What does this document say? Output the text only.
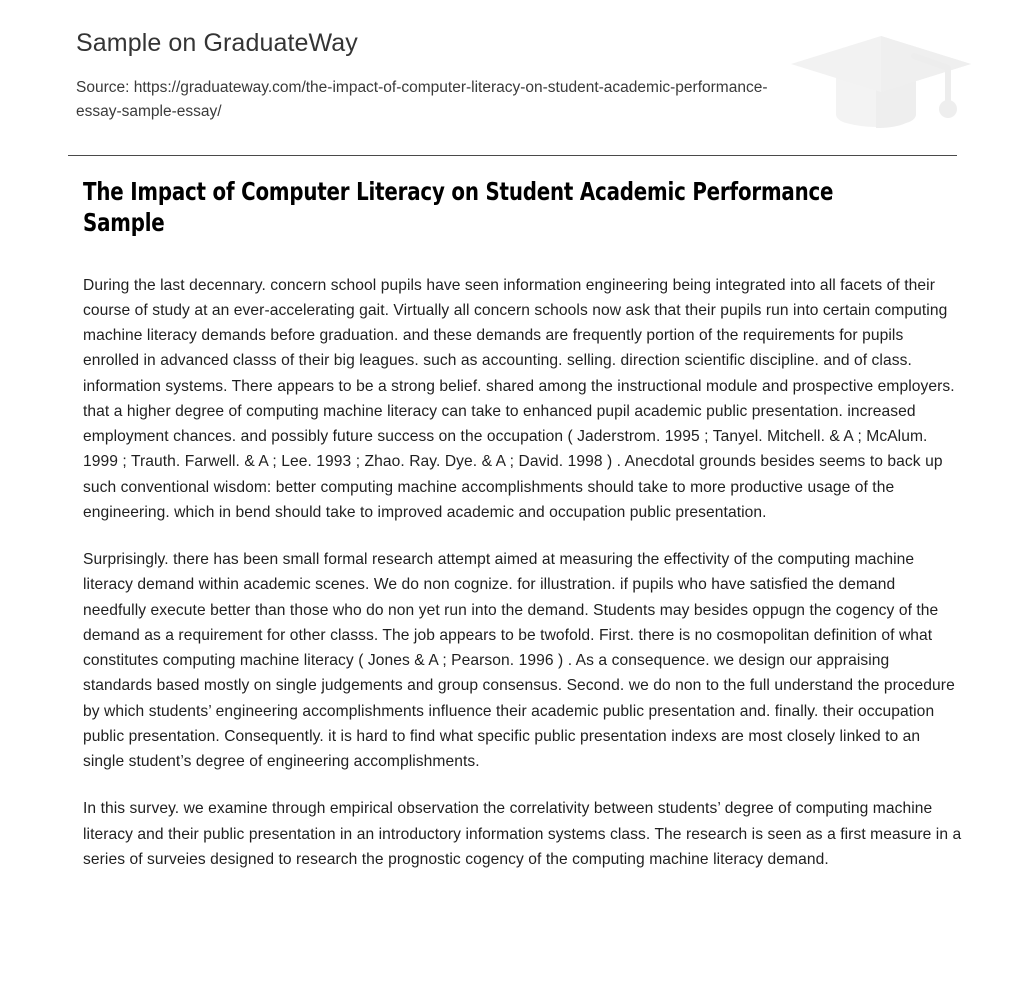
Sample on GraduateWay
Source: https://graduateway.com/the-impact-of-computer-literacy-on-student-academic-performance-essay-sample-essay/
The Impact of Computer Literacy on Student Academic Performance Sample

During the last decennary. concern school pupils have seen information engineering being integrated into all facets of their course of study at an ever-accelerating gait. Virtually all concern schools now ask that their pupils run into certain computing machine literacy demands before graduation. and these demands are frequently portion of the requirements for pupils enrolled in advanced classs of their big leagues. such as accounting. selling. direction scientific discipline. and of class. information systems. There appears to be a strong belief. shared among the instructional module and prospective employers. that a higher degree of computing machine literacy can take to enhanced pupil academic public presentation. increased employment chances. and possibly future success on the occupation ( Jaderstrom. 1995 ; Tanyel. Mitchell. & A ; McAlum. 1999 ; Trauth. Farwell. & A ; Lee. 1993 ; Zhao. Ray. Dye. & A ; David. 1998 ) . Anecdotal grounds besides seems to back up such conventional wisdom: better computing machine accomplishments should take to more productive usage of the engineering. which in bend should take to improved academic and occupation public presentation.

Surprisingly. there has been small formal research attempt aimed at measuring the effectivity of the computing machine literacy demand within academic scenes. We do non cognize. for illustration. if pupils who have satisfied the demand needfully execute better than those who do non yet run into the demand. Students may besides oppugn the cogency of the demand as a requirement for other classs. The job appears to be twofold. First. there is no cosmopolitan definition of what constitutes computing machine literacy ( Jones & A ; Pearson. 1996 ) . As a consequence. we design our appraising standards based mostly on single judgements and group consensus. Second. we do non to the full understand the procedure by which students’ engineering accomplishments influence their academic public presentation and. finally. their occupation public presentation. Consequently. it is hard to find what specific public presentation indexs are most closely linked to an single student’s degree of engineering accomplishments.

In this survey. we examine through empirical observation the correlativity between students’ degree of computing machine literacy and their public presentation in an introductory information systems class. The research is seen as a first measure in a series of surveies designed to research the prognostic cogency of the computing machine literacy demand.
